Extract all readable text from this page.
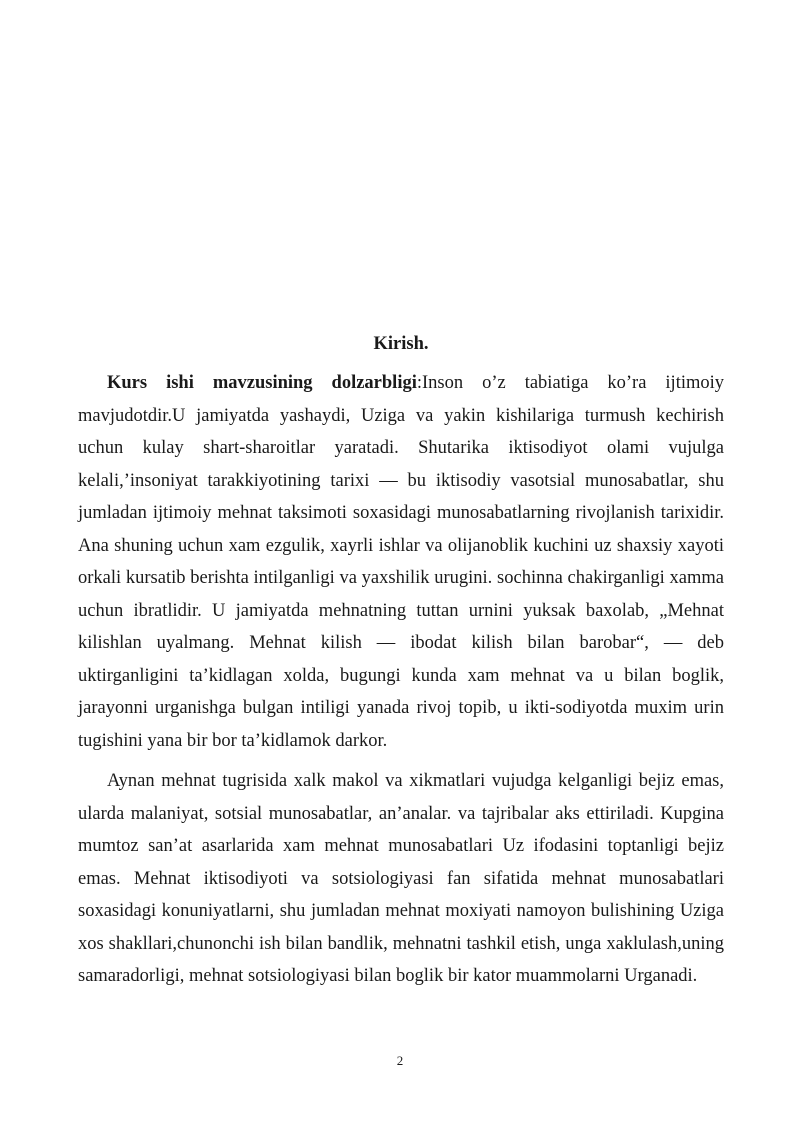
Kirish.

Kurs ishi mavzusining dolzarbligi:Inson o’z tabiatiga ko’ra ijtimoiy mavjudotdir.U jamiyatda yashaydi, Uziga va yakin kishilariga turmush kechirish uchun kulay shart-sharoitlar yaratadi. Shutarika iktisodiyot olami vujulga kelali,’insoniyat tarakkiyotining tarixi — bu iktisodiy vasotsial munosabatlar, shu jumladan ijtimoiy mehnat taksimoti soxasidagi munosabatlarning rivojlanish tarixidir. Ana shuning uchun xam ezgulik, xayrli ishlar va olijanoblik kuchini uz shaxsiy xayoti orkali kursatib berishta intilganligi va yaxshilik urugini. sochinna chakirganligi xamma uchun ibratlidir. U jamiyatda mehnatning tuttan urnini yuksak baxolab, „Mehnat kilishlan uyalmang. Mehnat kilish — ibodat kilish bilan barobar“, — deb uktirganligini ta’kidlagan xolda, bugungi kunda xam mehnat va u bilan boglik, jarayonni urganishga bulgan intiligi yanada rivoj topib, u ikti-sodiyotda muxim urin tugishini yana bir bor ta’kidlamok darkor.

Aynan mehnat tugrisida xalk makol va xikmatlari vujudga kelganligi bejiz emas, ularda malaniyat, sotsial munosabatlar, an’analar. va tajribalar aks ettiriladi. Kupgina mumtoz san’at asarlarida xam mehnat munosabatlari Uz ifodasini toptanligi bejiz emas. Mehnat iktisodiyoti va sotsiologiyasi fan sifatida mehnat munosabatlari soxasidagi konuniyatlarni, shu jumladan mehnat moxiyati namoyon bulishining Uziga xos shakllari,chunonchi ish bilan bandlik, mehnatni tashkil etish, unga xaklulash,uning samaradorligi, mehnat sotsiologiyasi bilan boglik bir kator muammolarni Urganadi.

2
